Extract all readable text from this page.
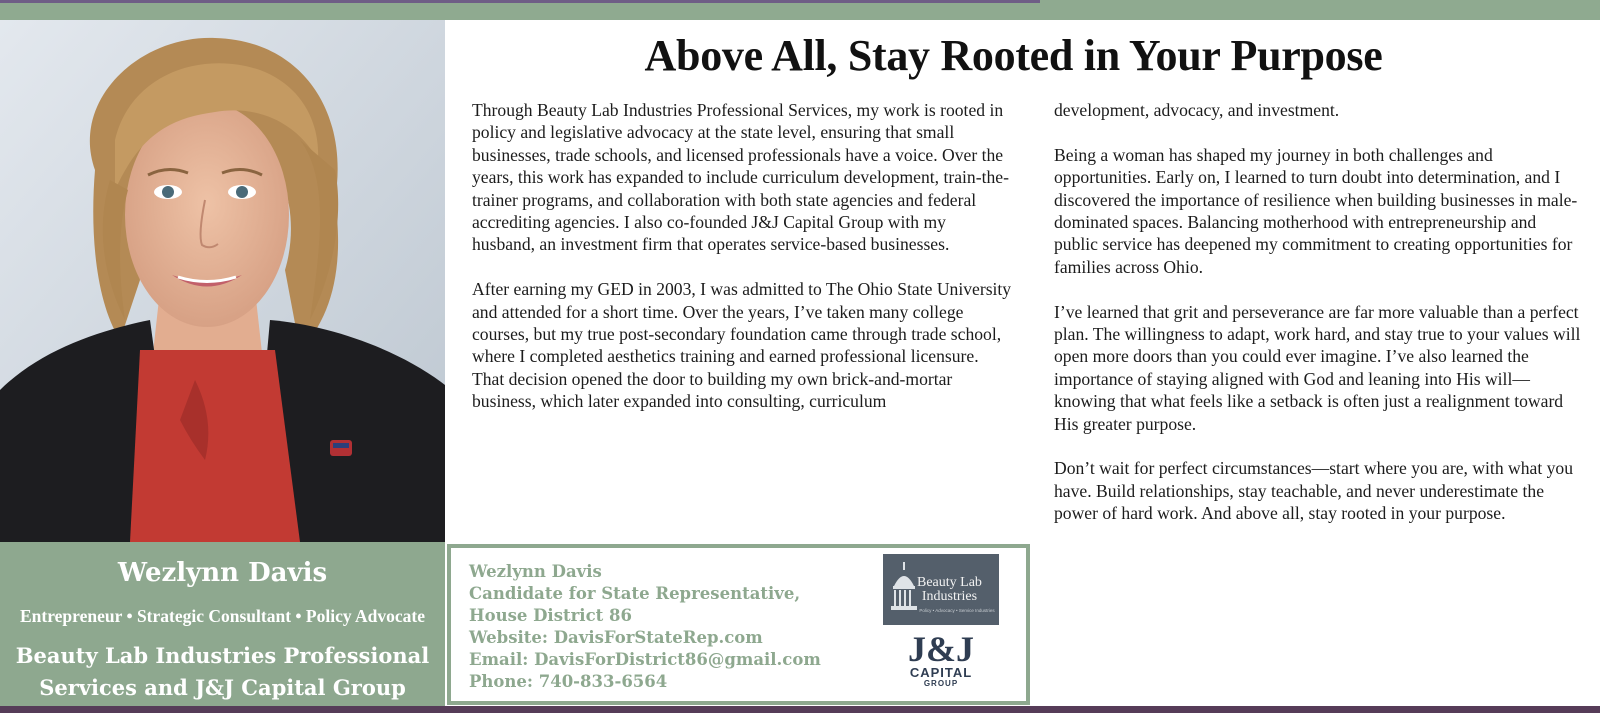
Wezlynn Davis
Entrepreneur • Strategic Consultant • Policy Advocate
Beauty Lab Industries Professional
Services and J&J Capital Group
Above All, Stay Rooted in Your Purpose

Through Beauty Lab Industries Professional Services, my work is rooted in policy and legislative advocacy at the state level, ensuring that small businesses, trade schools, and licensed professionals have a voice. Over the years, this work has expanded to include curriculum development, train-the-trainer programs, and collaboration with both state agencies and federal accrediting agencies. I also co-founded J&J Capital Group with my husband, an investment firm that operates service-based businesses.

After earning my GED in 2003, I was admitted to The Ohio State University and attended for a short time. Over the years, I’ve taken many college courses, but my true post-secondary foundation came through trade school, where I completed aesthetics training and earned professional licensure. That decision opened the door to building my own brick-and-mortar business, which later expanded into consulting, curriculum

development, advocacy, and investment.

Being a woman has shaped my journey in both challenges and opportunities. Early on, I learned to turn doubt into determination, and I discovered the importance of resilience when building businesses in male-dominated spaces. Balancing motherhood with entrepreneurship and public service has deepened my commitment to creating opportunities for families across Ohio.

I’ve learned that grit and perseverance are far more valuable than a perfect plan. The willingness to adapt, work hard, and stay true to your values will open more doors than you could ever imagine. I’ve also learned the importance of staying aligned with God and leaning into His will—knowing that what feels like a setback is often just a realignment toward His greater purpose.

Don’t wait for perfect circumstances—start where you are, with what you have. Build relationships, stay teachable, and never underestimate the power of hard work. And above all, stay rooted in your purpose.

Wezlynn Davis
Candidate for State Representative,
House District 86
Website: DavisForStateRep.com
Email: DavisForDistrict86@gmail.com
Phone: 740-833-6564
Beauty Lab
Industries
Policy • Advocacy • Service Industries
J&J
CAPITAL
GROUP
